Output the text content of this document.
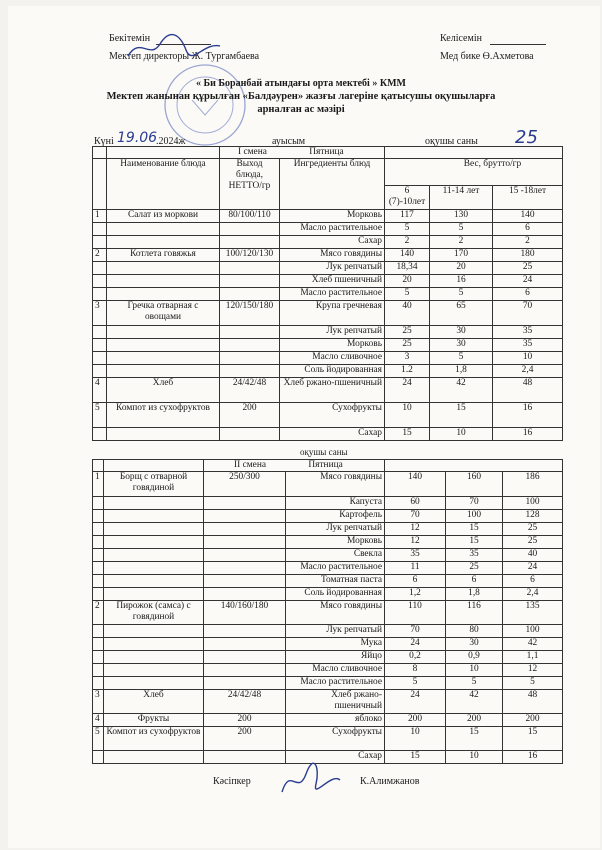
Бекітемін
Мектеп директоры Ж. Тургамбаева
Келісемін
Мед бике Ө.Ахметова
« Би Боранбай атындағы орта мектебі » КММ
Мектеп жанынан құрылған «Балдәурен» жазғы лагеріне қатысушы оқушыларға
арналған ас мәзірі
Күні 19.06
.2024ж	ауысым	оқушы саны 25
		I смена Пятница				
	Наименование блюда	Выход блюда, НЕТТО/гр	Ингредиенты блюд	Вес, брутто/гр		
				6 (7)-10лет	11-14 лет	15 -18лет
1	Салат из моркови	80/100/110	Морковь	117	130	140
			Масло растительное	5	5	6
			Сахар	2	2	2
2	Котлета говяжья	100/120/130	Мясо говядины	140	170	180
			Лук репчатый	18,34	20	25
			Хлеб пшеничный	20	16	24
			Масло растительное	5	5	6
3	Гречка отварная с овощами	120/150/180	Крупа гречневая	40	65	70
			Лук репчатый	25	30	35
			Морковь	25	30	35
			Масло сливочное	3	5	10
			Соль йодированная	1.2	1,8	2,4
4	Хлеб	24/42/48	Хлеб ржано-пшеничный	24	42	48
5	Компот из сухофруктов	200	Сухофрукты	10	15	16
			Сахар	15	10	16
оқушы саны
		II смена Пятница				
1	Борщ с отварной говядиной	250/300	Мясо говядины	140	160	186
			Капуста	60	70	100
			Картофель	70	100	128
			Лук репчатый	12	15	25
			Морковь	12	15	25
			Свекла	35	35	40
			Масло растительное	11	25	24
			Томатная паста	6	6	6
			Соль йодированная	1,2	1,8	2,4
2	Пирожок (самса) с говядиной	140/160/180	Мясо говядины	110	116	135
			Лук репчатый	70	80	100
			Мука	24	30	42
			Яйцо	0,2	0,9	1,1
			Масло сливочное	8	10	12
			Масло растительное	5	5	5
3	Хлеб	24/42/48	Хлеб ржано-пшеничный	24	42	48
4	Фрукты	200	яблоко	200	200	200
5	Компот из сухофруктов	200	Сухофрукты	10	15	15
			Сахар	15	10	16
Кәсіпкер	К.Алимжанов
